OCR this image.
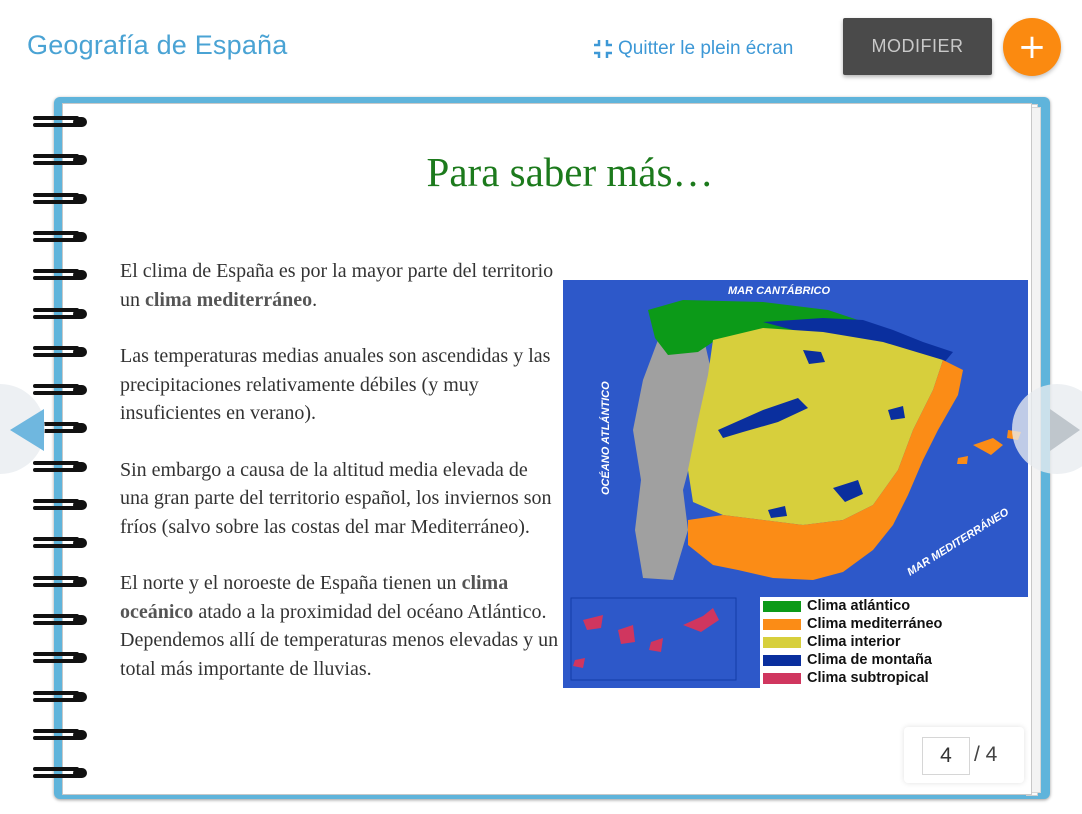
Geografía de España	Quitter le plein écran	MODIFIER	+
Para saber más…

El clima de España es por la mayor parte del territorio un clima mediterráneo.

Las temperaturas medias anuales son ascendidas y las precipitaciones relativamente débiles (y muy insuficientes en verano).

Sin embargo a causa de la altitud media elevada de una gran parte del territorio español, los inviernos son fríos (salvo sobre las costas del mar Mediterráneo).

El norte y el noroeste de España tienen un clima oceánico atado a la proximidad del océano Atlántico. Dependemos allí de temperaturas menos elevadas y un total más importante de lluvias.

MAR CANTÁBRICO
OCÉANO ATLÁNTICO
MAR MEDITERRÁNEO
Clima atlántico
Clima mediterráneo
Clima interior
Clima de montaña
Clima subtropical
4	/ 4
